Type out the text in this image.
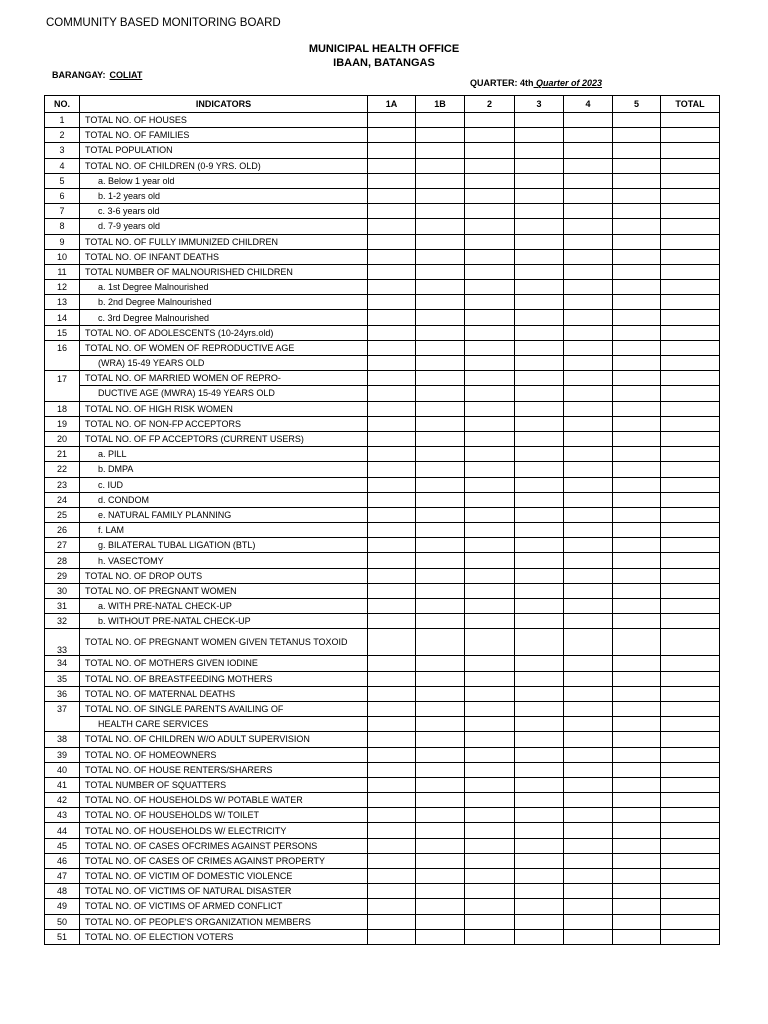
COMMUNITY BASED MONITORING BOARD
MUNICIPAL HEALTH OFFICE
IBAAN, BATANGAS
BARANGAY: COLIAT
QUARTER: 4th Quarter of 2023
NO.	INDICATORS	1A	1B	2	3	4	5	TOTAL
1	TOTAL NO. OF HOUSES							
2	TOTAL NO. OF FAMILIES							
3	TOTAL POPULATION							
4	TOTAL NO. OF CHILDREN (0-9 YRS. OLD)							
5	a. Below 1 year old							
6	b. 1-2 years old							
7	c. 3-6 years old							
8	d. 7-9 years old							
9	TOTAL NO. OF FULLY IMMUNIZED CHILDREN							
10	TOTAL NO. OF INFANT DEATHS							
11	TOTAL NUMBER OF MALNOURISHED CHILDREN							
12	a. 1st Degree Malnourished							
13	b. 2nd Degree Malnourished							
14	c. 3rd Degree Malnourished							
15	TOTAL NO. OF ADOLESCENTS (10-24yrs.old)							
16	TOTAL NO. OF WOMEN OF REPRODUCTIVE AGE							
	(WRA) 15-49 YEARS OLD							
17	TOTAL NO. OF MARRIED WOMEN OF REPRO-							
	DUCTIVE AGE (MWRA) 15-49 YEARS OLD							
18	TOTAL NO. OF HIGH RISK WOMEN							
19	TOTAL NO. OF NON-FP ACCEPTORS							
20	TOTAL NO. OF FP ACCEPTORS (CURRENT USERS)							
21	a. PILL							
22	b. DMPA							
23	c. IUD							
24	d. CONDOM							
25	e. NATURAL FAMILY PLANNING							
26	f. LAM							
27	g. BILATERAL TUBAL LIGATION (BTL)							
28	h. VASECTOMY							
29	TOTAL NO. OF DROP OUTS							
30	TOTAL NO. OF PREGNANT WOMEN							
31	a. WITH PRE-NATAL CHECK-UP							
32	b. WITHOUT PRE-NATAL CHECK-UP							
33	TOTAL NO. OF PREGNANT WOMEN GIVEN TETANUS TOXOID							
34	TOTAL NO. OF MOTHERS GIVEN IODINE							
35	TOTAL NO. OF BREASTFEEDING MOTHERS							
36	TOTAL NO. OF MATERNAL DEATHS							
37	TOTAL NO. OF SINGLE PARENTS AVAILING OF							
	HEALTH CARE SERVICES							
38	TOTAL NO. OF CHILDREN W/O ADULT SUPERVISION							
39	TOTAL NO. OF HOMEOWNERS							
40	TOTAL NO. OF HOUSE RENTERS/SHARERS							
41	TOTAL NUMBER OF SQUATTERS							
42	TOTAL NO. OF HOUSEHOLDS W/ POTABLE WATER							
43	TOTAL NO. OF HOUSEHOLDS W/ TOILET							
44	TOTAL NO. OF HOUSEHOLDS W/ ELECTRICITY							
45	TOTAL NO. OF CASES OFCRIMES AGAINST PERSONS							
46	TOTAL NO. OF CASES OF CRIMES AGAINST PROPERTY							
47	TOTAL NO. OF VICTIM OF DOMESTIC VIOLENCE							
48	TOTAL NO. OF VICTIMS OF NATURAL DISASTER							
49	TOTAL NO. OF VICTIMS OF ARMED CONFLICT							
50	TOTAL NO. OF PEOPLE'S ORGANIZATION MEMBERS							
51	TOTAL NO. OF ELECTION VOTERS							
